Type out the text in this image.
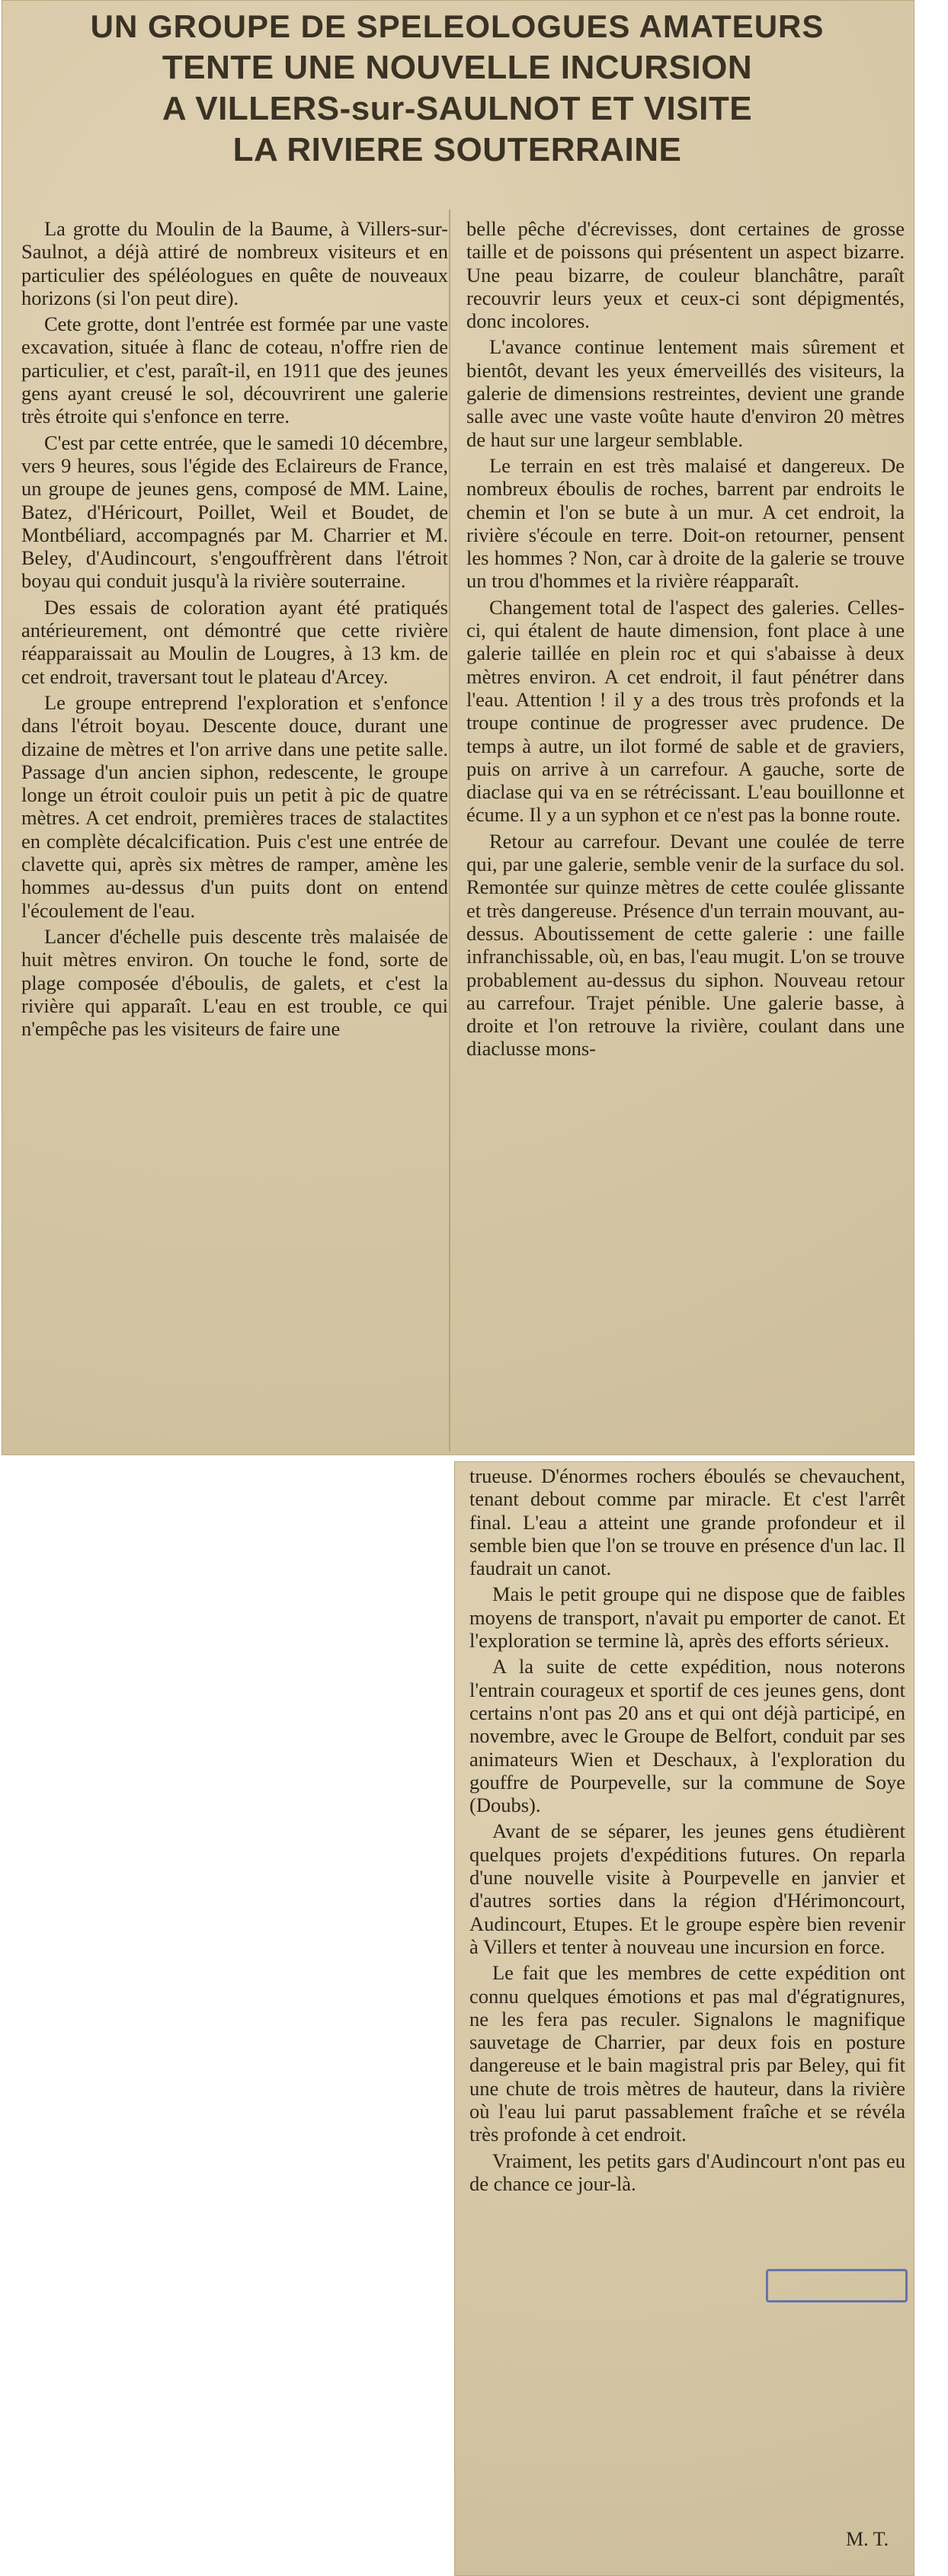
UN GROUPE DE SPELEOLOGUES AMATEURS
TENTE UNE NOUVELLE INCURSION
A VILLERS-sur-SAULNOT ET VISITE
LA RIVIERE SOUTERRAINE

La grotte du Moulin de la Baume, à Villers-sur-Saulnot, a déjà attiré de nombreux visiteurs et en particulier des spéléologues en quête de nouveaux horizons (si l'on peut dire).

Cete grotte, dont l'entrée est formée par une vaste excavation, située à flanc de coteau, n'offre rien de particulier, et c'est, paraît-il, en 1911 que des jeunes gens ayant creusé le sol, découvrirent une galerie très étroite qui s'enfonce en terre.

C'est par cette entrée, que le samedi 10 décembre, vers 9 heures, sous l'égide des Eclaireurs de France, un groupe de jeunes gens, composé de MM. Laine, Batez, d'Héricourt, Poillet, Weil et Boudet, de Montbéliard, accompagnés par M. Charrier et M. Beley, d'Audincourt, s'engouffrèrent dans l'étroit boyau qui conduit jusqu'à la rivière souterraine.

Des essais de coloration ayant été pratiqués antérieurement, ont démontré que cette rivière réapparaissait au Moulin de Lougres, à 13 km. de cet endroit, traversant tout le plateau d'Arcey.

Le groupe entreprend l'exploration et s'enfonce dans l'étroit boyau. Descente douce, durant une dizaine de mètres et l'on arrive dans une petite salle. Passage d'un ancien siphon, redescente, le groupe longe un étroit couloir puis un petit à pic de quatre mètres. A cet endroit, premières traces de stalactites en complète décalcification. Puis c'est une entrée de clavette qui, après six mètres de ramper, amène les hommes au-dessus d'un puits dont on entend l'écoulement de l'eau.

Lancer d'échelle puis descente très malaisée de huit mètres environ. On touche le fond, sorte de plage composée d'éboulis, de galets, et c'est la rivière qui apparaît. L'eau en est trouble, ce qui n'empêche pas les visiteurs de faire une

belle pêche d'écrevisses, dont certaines de grosse taille et de poissons qui présentent un aspect bizarre. Une peau bizarre, de couleur blanchâtre, paraît recouvrir leurs yeux et ceux-ci sont dépigmentés, donc incolores.

L'avance continue lentement mais sûrement et bientôt, devant les yeux émerveillés des visiteurs, la galerie de dimensions restreintes, devient une grande salle avec une vaste voûte haute d'environ 20 mètres de haut sur une largeur semblable.

Le terrain en est très malaisé et dangereux. De nombreux éboulis de roches, barrent par endroits le chemin et l'on se bute à un mur. A cet endroit, la rivière s'écoule en terre. Doit-on retourner, pensent les hommes ? Non, car à droite de la galerie se trouve un trou d'hommes et la rivière réapparaît.

Changement total de l'aspect des galeries. Celles-ci, qui étalent de haute dimension, font place à une galerie taillée en plein roc et qui s'abaisse à deux mètres environ. A cet endroit, il faut pénétrer dans l'eau. Attention ! il y a des trous très profonds et la troupe continue de progresser avec prudence. De temps à autre, un ilot formé de sable et de graviers, puis on arrive à un carrefour. A gauche, sorte de diaclase qui va en se rétrécissant. L'eau bouillonne et écume. Il y a un syphon et ce n'est pas la bonne route.

Retour au carrefour. Devant une coulée de terre qui, par une galerie, semble venir de la surface du sol. Remontée sur quinze mètres de cette coulée glissante et très dangereuse. Présence d'un terrain mouvant, au-dessus. Aboutissement de cette galerie : une faille infranchissable, où, en bas, l'eau mugit. L'on se trouve probablement au-dessus du siphon. Nouveau retour au carrefour. Trajet pénible. Une galerie basse, à droite et l'on retrouve la rivière, coulant dans une diaclusse mons-

trueuse. D'énormes rochers éboulés se chevauchent, tenant debout comme par miracle. Et c'est l'arrêt final. L'eau a atteint une grande profondeur et il semble bien que l'on se trouve en présence d'un lac. Il faudrait un canot.

Mais le petit groupe qui ne dispose que de faibles moyens de transport, n'avait pu emporter de canot. Et l'exploration se termine là, après des efforts sérieux.

A la suite de cette expédition, nous noterons l'entrain courageux et sportif de ces jeunes gens, dont certains n'ont pas 20 ans et qui ont déjà participé, en novembre, avec le Groupe de Belfort, conduit par ses animateurs Wien et Deschaux, à l'exploration du gouffre de Pourpevelle, sur la commune de Soye (Doubs).

Avant de se séparer, les jeunes gens étudièrent quelques projets d'expéditions futures. On reparla d'une nouvelle visite à Pourpevelle en janvier et d'autres sorties dans la région d'Hérimoncourt, Audincourt, Etupes. Et le groupe espère bien revenir à Villers et tenter à nouveau une incursion en force.

Le fait que les membres de cette expédition ont connu quelques émotions et pas mal d'égratignures, ne les fera pas reculer. Signalons le magnifique sauvetage de Charrier, par deux fois en posture dangereuse et le bain magistral pris par Beley, qui fit une chute de trois mètres de hauteur, dans la rivière où l'eau lui parut passablement fraîche et se révéla très profonde à cet endroit.

Vraiment, les petits gars d'Audincourt n'ont pas eu de chance ce jour-là.

M. T.
